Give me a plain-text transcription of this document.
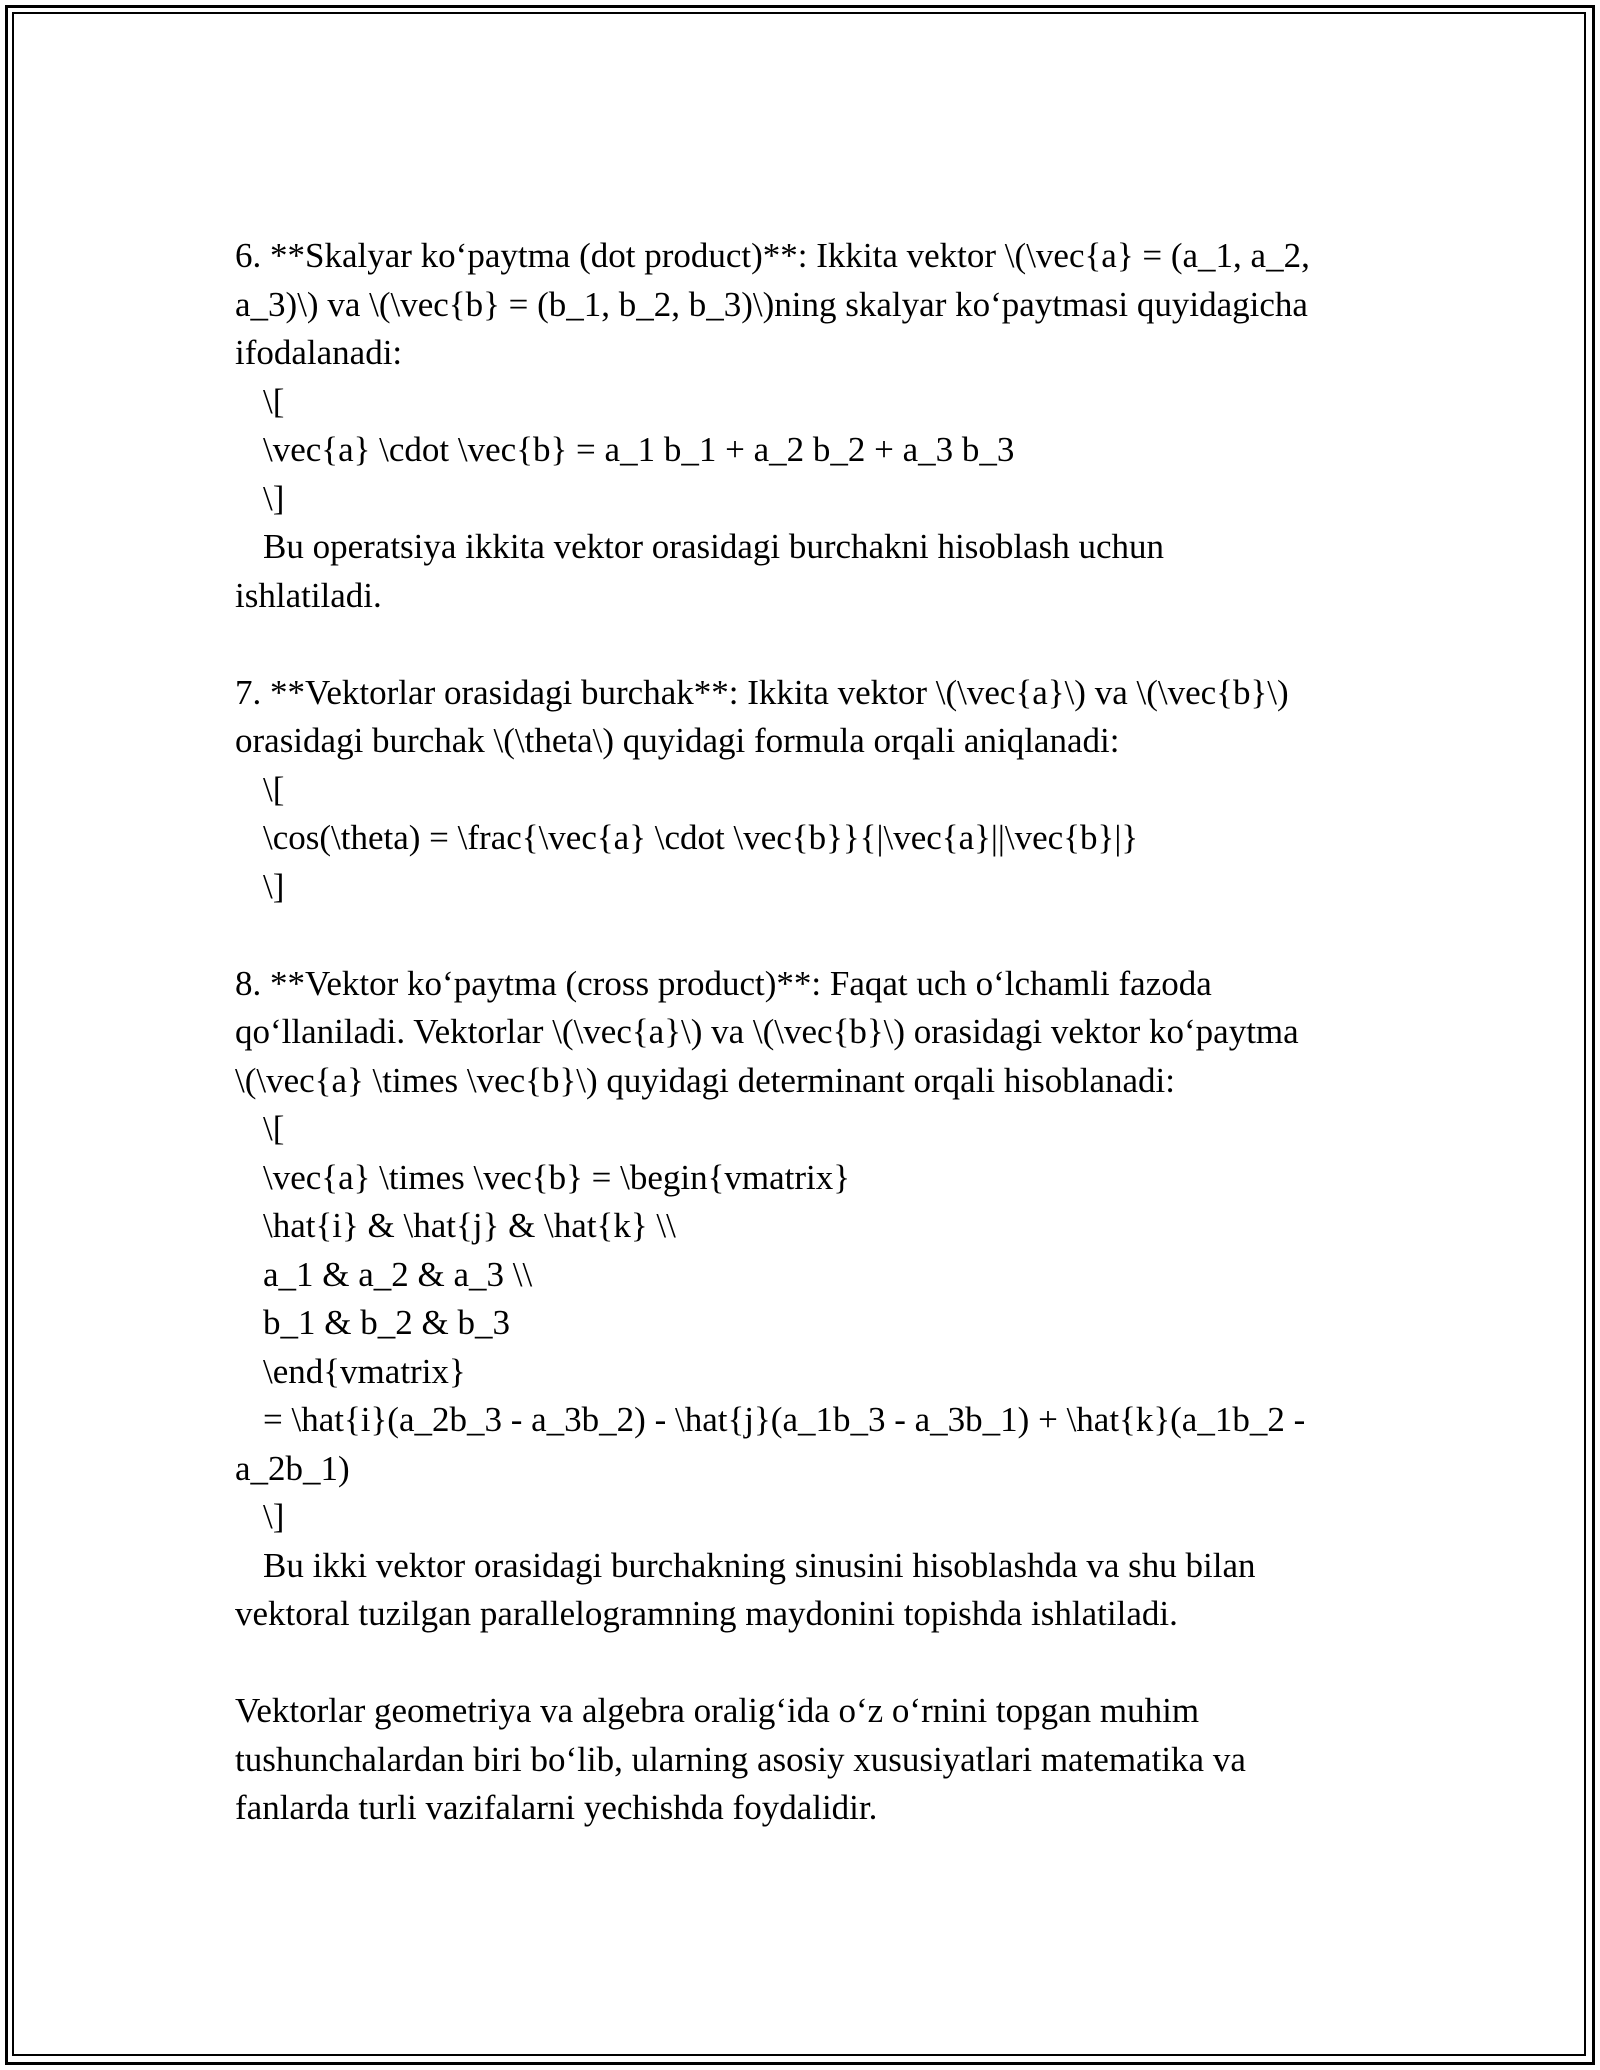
6. **Skalyar ko‘paytma (dot product)**: Ikkita vektor \(\vec{a} = (a_1, a_2,
a_3)\) va \(\vec{b} = (b_1, b_2, b_3)\)ning skalyar ko‘paytmasi quyidagicha
ifodalanadi:
\[
\vec{a} \cdot \vec{b} = a_1 b_1 + a_2 b_2 + a_3 b_3
\]
Bu operatsiya ikkita vektor orasidagi burchakni hisoblash uchun
ishlatiladi.
7. **Vektorlar orasidagi burchak**: Ikkita vektor \(\vec{a}\) va \(\vec{b}\)
orasidagi burchak \(\theta\) quyidagi formula orqali aniqlanadi:
\[
\cos(\theta) = \frac{\vec{a} \cdot \vec{b}}{|\vec{a}||\vec{b}|}
\]
8. **Vektor ko‘paytma (cross product)**: Faqat uch o‘lchamli fazoda
qo‘llaniladi. Vektorlar \(\vec{a}\) va \(\vec{b}\) orasidagi vektor ko‘paytma
\(\vec{a} \times \vec{b}\) quyidagi determinant orqali hisoblanadi:
\[
\vec{a} \times \vec{b} = \begin{vmatrix}
\hat{i} & \hat{j} & \hat{k} \\
a_1 & a_2 & a_3 \\
b_1 & b_2 & b_3
\end{vmatrix}
= \hat{i}(a_2b_3 - a_3b_2) - \hat{j}(a_1b_3 - a_3b_1) + \hat{k}(a_1b_2 -
a_2b_1)
\]
Bu ikki vektor orasidagi burchakning sinusini hisoblashda va shu bilan
vektoral tuzilgan parallelogramning maydonini topishda ishlatiladi.
Vektorlar geometriya va algebra oralig‘ida o‘z o‘rnini topgan muhim
tushunchalardan biri bo‘lib, ularning asosiy xususiyatlari matematika va
fanlarda turli vazifalarni yechishda foydalidir.
